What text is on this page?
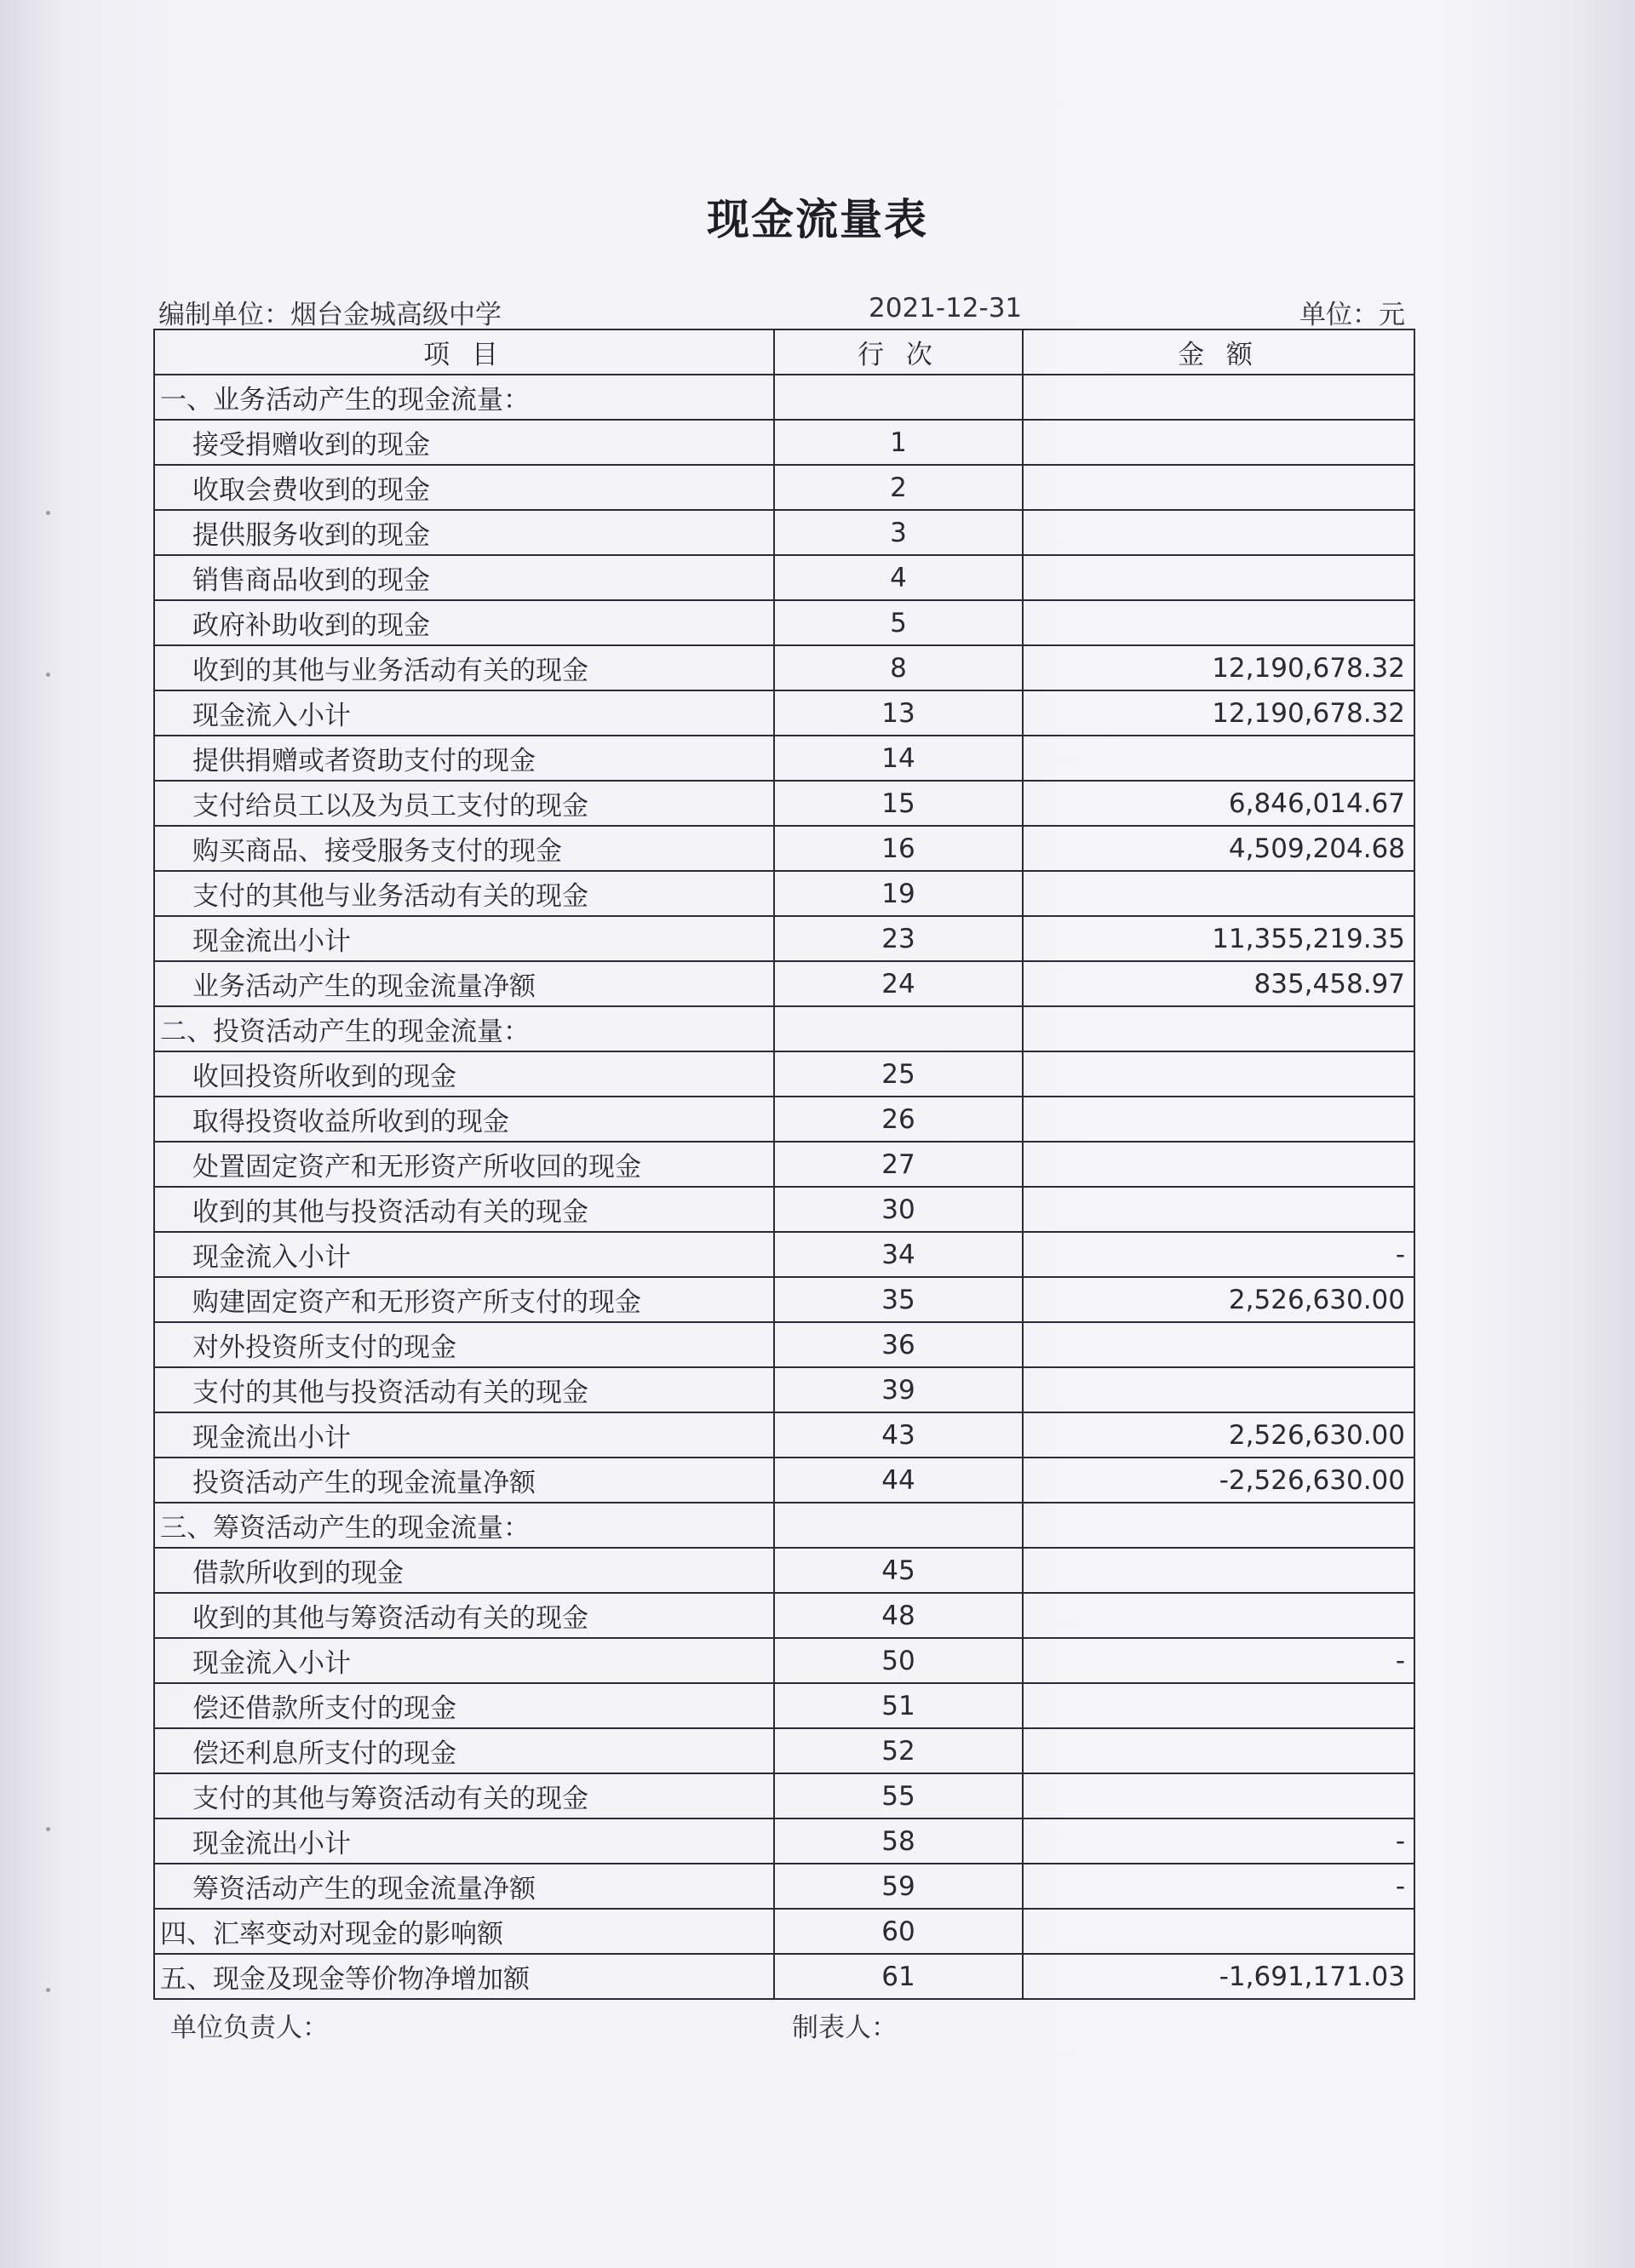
现金流量表
编制单位：烟台金城高级中学	2021-12-31	单位：元
项 目	行 次	金 额
一、业务活动产生的现金流量：		
接受捐赠收到的现金	1	
收取会费收到的现金	2	
提供服务收到的现金	3	
销售商品收到的现金	4	
政府补助收到的现金	5	
收到的其他与业务活动有关的现金	8	12,190,678.32
现金流入小计	13	12,190,678.32
提供捐赠或者资助支付的现金	14	
支付给员工以及为员工支付的现金	15	6,846,014.67
购买商品、接受服务支付的现金	16	4,509,204.68
支付的其他与业务活动有关的现金	19	
现金流出小计	23	11,355,219.35
业务活动产生的现金流量净额	24	835,458.97
二、投资活动产生的现金流量：		
收回投资所收到的现金	25	
取得投资收益所收到的现金	26	
处置固定资产和无形资产所收回的现金	27	
收到的其他与投资活动有关的现金	30	
现金流入小计	34	-
购建固定资产和无形资产所支付的现金	35	2,526,630.00
对外投资所支付的现金	36	
支付的其他与投资活动有关的现金	39	
现金流出小计	43	2,526,630.00
投资活动产生的现金流量净额	44	-2,526,630.00
三、筹资活动产生的现金流量：		
借款所收到的现金	45	
收到的其他与筹资活动有关的现金	48	
现金流入小计	50	-
偿还借款所支付的现金	51	
偿还利息所支付的现金	52	
支付的其他与筹资活动有关的现金	55	
现金流出小计	58	-
筹资活动产生的现金流量净额	59	-
四、汇率变动对现金的影响额	60	
五、现金及现金等价物净增加额	61	-1,691,171.03
单位负责人：	制表人：
